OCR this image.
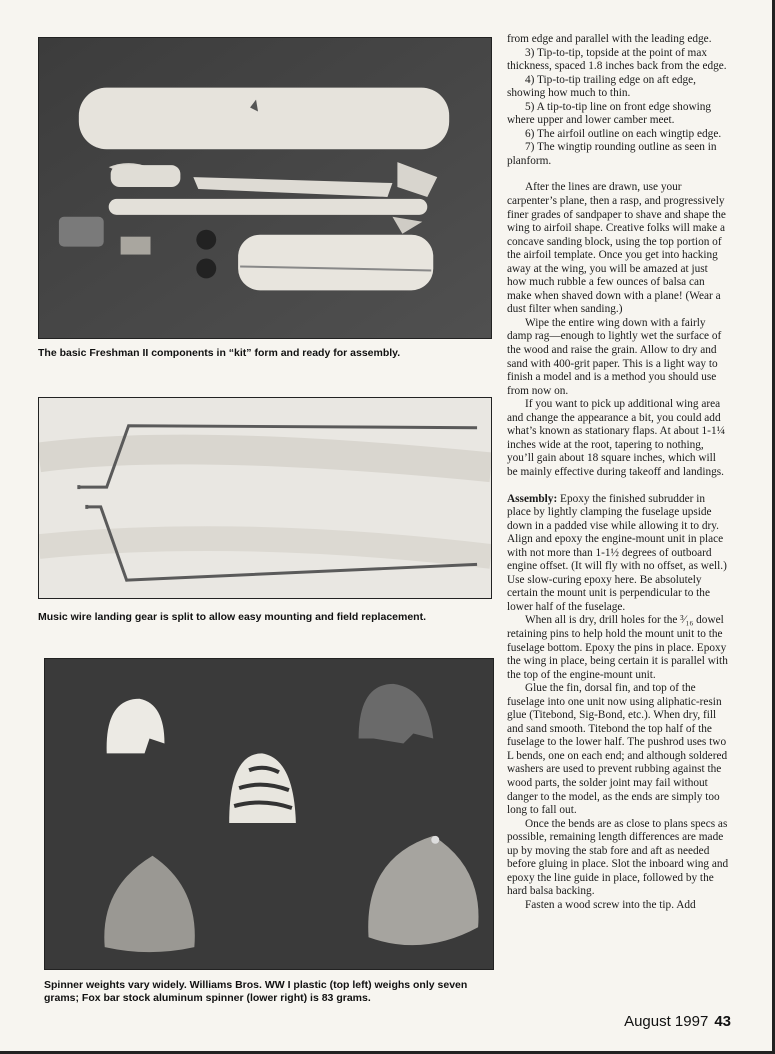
The basic Freshman II components in “kit” form and ready for assembly.
Music wire landing gear is split to allow easy mounting and field replacement.
Spinner weights vary widely. Williams Bros. WW I plastic (top left) weighs only seven grams; Fox bar stock aluminum spinner (lower right) is 83 grams.

from edge and parallel with the leading edge.

3) Tip-to-tip, topside at the point of max thickness, spaced 1.8 inches back from the edge.

4) Tip-to-tip trailing edge on aft edge, showing how much to thin.

5) A tip-to-tip line on front edge showing where upper and lower camber meet.

6) The airfoil outline on each wingtip edge.

7) The wingtip rounding outline as seen in planform.

After the lines are drawn, use your carpenter’s plane, then a rasp, and progressively finer grades of sandpaper to shave and shape the wing to airfoil shape. Creative folks will make a concave sanding block, using the top portion of the airfoil template. Once you get into hacking away at the wing, you will be amazed at just how much rubble a few ounces of balsa can make when shaved down with a plane! (Wear a dust filter when sanding.)

Wipe the entire wing down with a fairly damp rag—enough to lightly wet the surface of the wood and raise the grain. Allow to dry and sand with 400-grit paper. This is a light way to finish a model and is a method you should use from now on.

If you want to pick up additional wing area and change the appearance a bit, you could add what’s known as stationary flaps. At about 1-1¼ inches wide at the root, tapering to nothing, you’ll gain about 18 square inches, which will be mainly effective during takeoff and landings.

Assembly: Epoxy the finished subrudder in place by lightly clamping the fuselage upside down in a padded vise while allowing it to dry. Align and epoxy the engine-mount unit in place with not more than 1-1½ degrees of outboard engine offset. (It will fly with no offset, as well.) Use slow-curing epoxy here. Be absolutely certain the mount unit is perpendicular to the lower half of the fuselage.

When all is dry, drill holes for the ³⁄₁₆ dowel retaining pins to help hold the mount unit to the fuselage bottom. Epoxy the pins in place. Epoxy the wing in place, being certain it is parallel with the top of the engine-mount unit.

Glue the fin, dorsal fin, and top of the fuselage into one unit now using aliphatic-resin glue (Titebond, Sig-Bond, etc.). When dry, fill and sand smooth. Titebond the top half of the fuselage to the lower half. The pushrod uses two L bends, one on each end; and although soldered washers are used to prevent rubbing against the wood parts, the solder joint may fail without danger to the model, as the ends are simply too long to fall out.

Once the bends are as close to plans specs as possible, remaining length differences are made up by moving the stab fore and aft as needed before gluing in place. Slot the inboard wing and epoxy the line guide in place, followed by the hard balsa backing.

Fasten a wood screw into the tip. Add

August 1997 43
